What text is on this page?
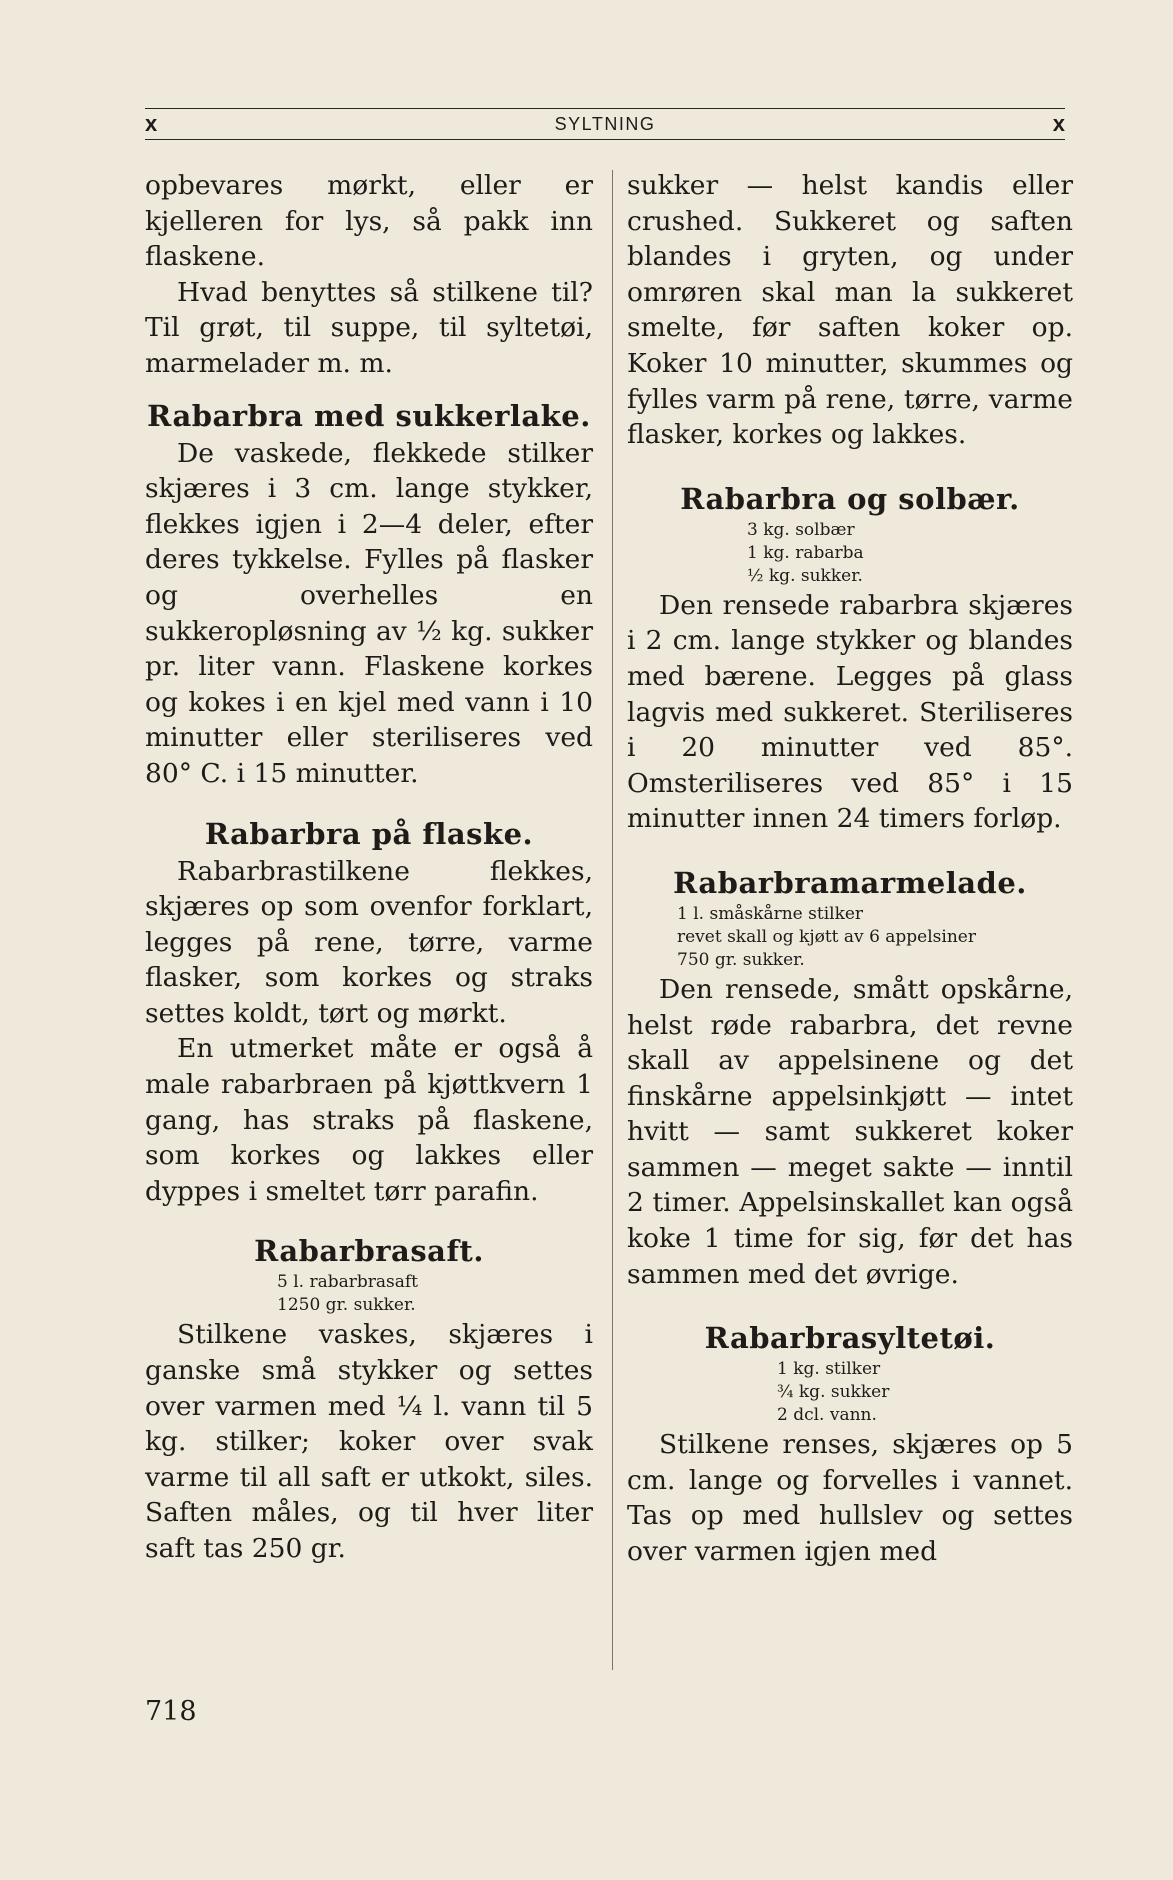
x	SYLTNING	x

opbevares mørkt, eller er kjelleren for lys, så pakk inn flaskene.

Hvad benyttes så stilkene til? Til grøt, til suppe, til syltetøi, marmelader m. m.

Rabarbra med sukkerlake.

De vaskede, flekkede stilker skjæres i 3 cm. lange stykker, flekkes igjen i 2—4 deler, efter deres tykkelse. Fylles på flasker og overhelles en sukkeropløsning av ½ kg. sukker pr. liter vann. Flaskene korkes og kokes i en kjel med vann i 10 minutter eller steriliseres ved 80° C. i 15 minutter.

Rabarbra på flaske.

Rabarbrastilkene flekkes, skjæres op som ovenfor forklart, legges på rene, tørre, varme flasker, som korkes og straks settes koldt, tørt og mørkt.

En utmerket måte er også å male rabarbraen på kjøttkvern 1 gang, has straks på flaskene, som korkes og lakkes eller dyppes i smeltet tørr parafin.

Rabarbrasaft.
5 l. rabarbrasaft
1250 gr. sukker.

Stilkene vaskes, skjæres i ganske små stykker og settes over varmen med ¼ l. vann til 5 kg. stilker; koker over svak varme til all saft er utkokt, siles. Saften måles, og til hver liter saft tas 250 gr.

sukker — helst kandis eller crushed. Sukkeret og saften blandes i gryten, og under omrøren skal man la sukkeret smelte, før saften koker op. Koker 10 minutter, skummes og fylles varm på rene, tørre, varme flasker, korkes og lakkes.

Rabarbra og solbær.
3 kg. solbær
1 kg. rabarba
½ kg. sukker.

Den rensede rabarbra skjæres i 2 cm. lange stykker og blandes med bærene. Legges på glass lagvis med sukkeret. Steriliseres i 20 minutter ved 85°. Omsteriliseres ved 85° i 15 minutter innen 24 timers forløp.

Rabarbramarmelade.
1 l. småskårne stilker
revet skall og kjøtt av 6 appelsiner
750 gr. sukker.

Den rensede, smått opskårne, helst røde rabarbra, det revne skall av appelsinene og det finskårne appelsinkjøtt — intet hvitt — samt sukkeret koker sammen — meget sakte — inntil 2 timer. Appelsinskallet kan også koke 1 time for sig, før det has sammen med det øvrige.

Rabarbrasyltetøi.
1 kg. stilker
¾ kg. sukker
2 dcl. vann.

Stilkene renses, skjæres op 5 cm. lange og forvelles i vannet. Tas op med hullslev og settes over varmen igjen med

718
